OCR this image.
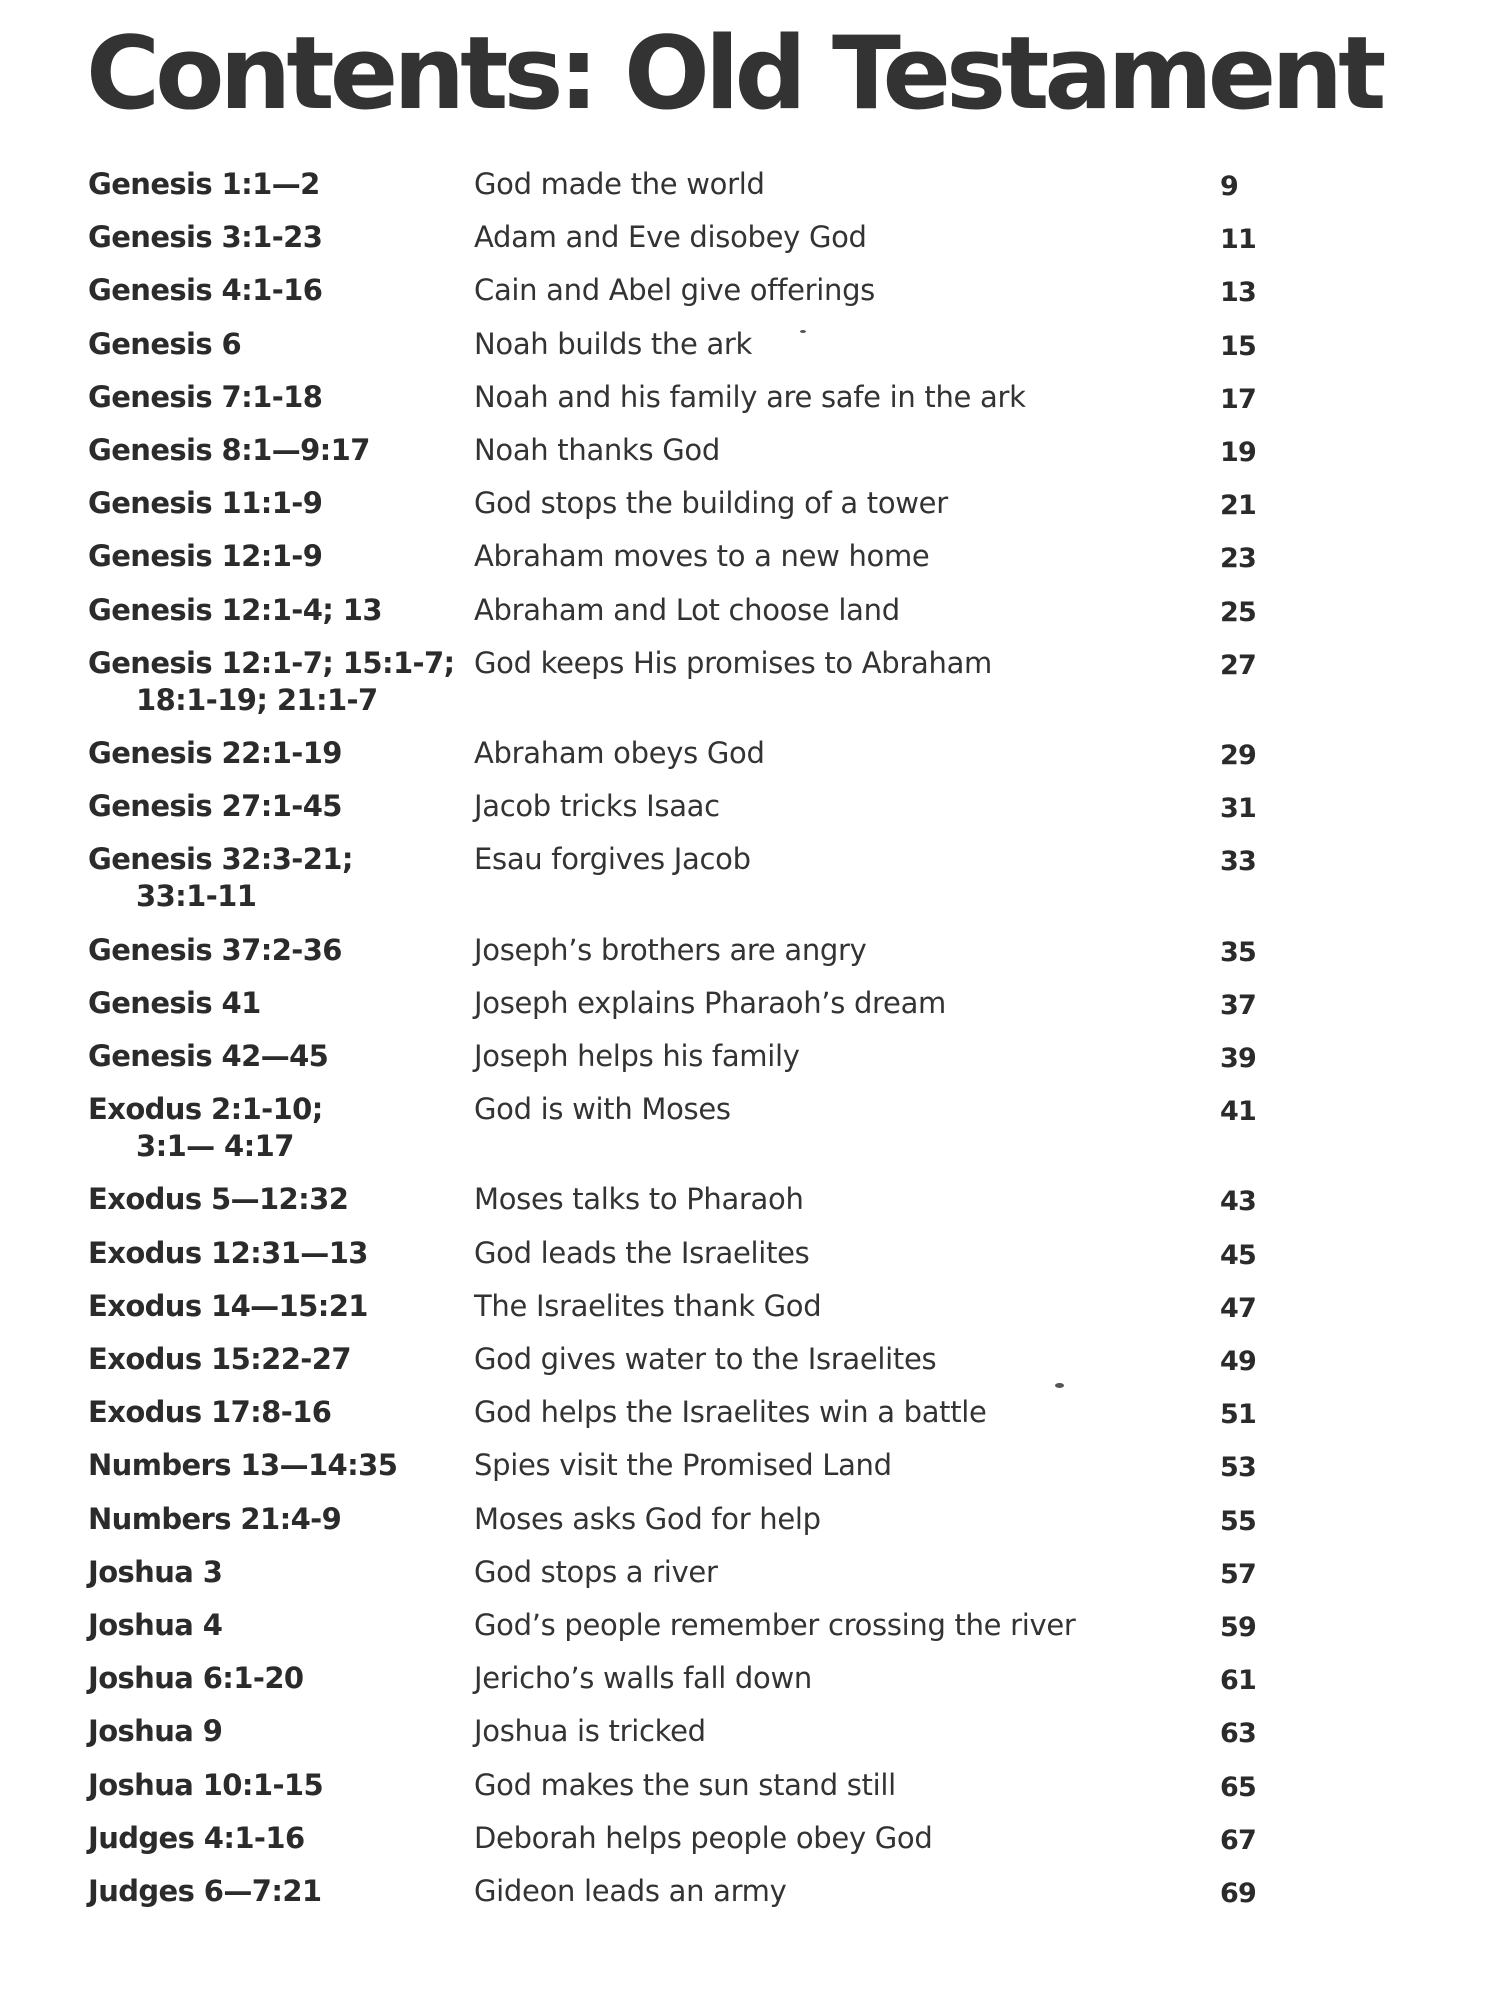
Contents: Old Testament
Genesis 1:1—2	God made the world	9
Genesis 3:1-23	Adam and Eve disobey God	11
Genesis 4:1-16	Cain and Abel give offerings	13
Genesis 6	Noah builds the ark	15
Genesis 7:1-18	Noah and his family are safe in the ark	17
Genesis 8:1—9:17	Noah thanks God	19
Genesis 11:1-9	God stops the building of a tower	21
Genesis 12:1-9	Abraham moves to a new home	23
Genesis 12:1-4; 13	Abraham and Lot choose land	25
Genesis 12:1-7; 15:1-7;
18:1-19; 21:1-7
God keeps His promises to Abraham	27
Genesis 22:1-19	Abraham obeys God	29
Genesis 27:1-45	Jacob tricks Isaac	31
Genesis 32:3-21;
33:1-11
Esau forgives Jacob	33
Genesis 37:2-36	Joseph’s brothers are angry	35
Genesis 41	Joseph explains Pharaoh’s dream	37
Genesis 42—45	Joseph helps his family	39
Exodus 2:1-10;
3:1— 4:17
God is with Moses	41
Exodus 5—12:32	Moses talks to Pharaoh	43
Exodus 12:31—13	God leads the Israelites	45
Exodus 14—15:21	The Israelites thank God	47
Exodus 15:22-27	God gives water to the Israelites	49
Exodus 17:8-16	God helps the Israelites win a battle	51
Numbers 13—14:35	Spies visit the Promised Land	53
Numbers 21:4-9	Moses asks God for help	55
Joshua 3	God stops a river	57
Joshua 4	God’s people remember crossing the river	59
Joshua 6:1-20	Jericho’s walls fall down	61
Joshua 9	Joshua is tricked	63
Joshua 10:1-15	God makes the sun stand still	65
Judges 4:1-16	Deborah helps people obey God	67
Judges 6—7:21	Gideon leads an army	69
